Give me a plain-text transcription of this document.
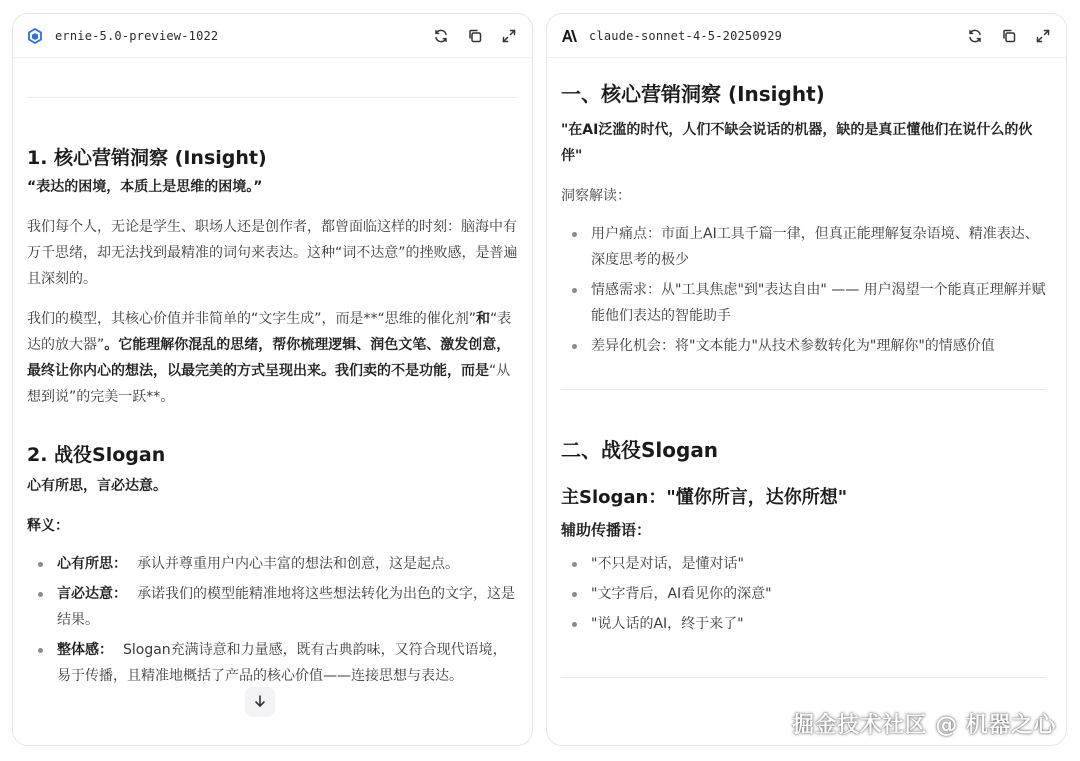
ernie-5.0-preview-1022
1. 核心营销洞察 (Insight)
“表达的困境，本质上是思维的困境。”

我们每个人，无论是学生、职场人还是创作者，都曾面临这样的时刻：脑海中有万千思绪，却无法找到最精准的词句来表达。这种“词不达意”的挫败感，是普遍且深刻的。

我们的模型，其核心价值并非简单的“文字生成”，而是**“思维的催化剂”和“表达的放大器”。它能理解你混乱的思绪，帮你梳理逻辑、润色文笔、激发创意，最终让你内心的想法，以最完美的方式呈现出来。我们卖的不是功能，而是“从想到说”的完美一跃**。

2. 战役Slogan
心有所思，言必达意。
释义：
心有所思： 承认并尊重用户内心丰富的想法和创意，这是起点。
言必达意： 承诺我们的模型能精准地将这些想法转化为出色的文字，这是结果。
整体感： Slogan充满诗意和力量感，既有古典韵味，又符合现代语境，易于传播，且精准地概括了产品的核心价值——连接思想与表达。
claude-sonnet-4-5-20250929
一、核心营销洞察 (Insight)
"在AI泛滥的时代，人们不缺会说话的机器，缺的是真正懂他们在说什么的伙伴"

洞察解读：

用户痛点：市面上AI工具千篇一律，但真正能理解复杂语境、精准表达、深度思考的极少
情感需求：从"工具焦虑"到"表达自由" —— 用户渴望一个能真正理解并赋能他们表达的智能助手
差异化机会：将"文本能力"从技术参数转化为"理解你"的情感价值
二、战役Slogan
主Slogan："懂你所言，达你所想"
辅助传播语：
"不只是对话，是懂对话"
"文字背后，AI看见你的深意"
"说人话的AI，终于来了"
掘金技术社区 @ 机器之心
